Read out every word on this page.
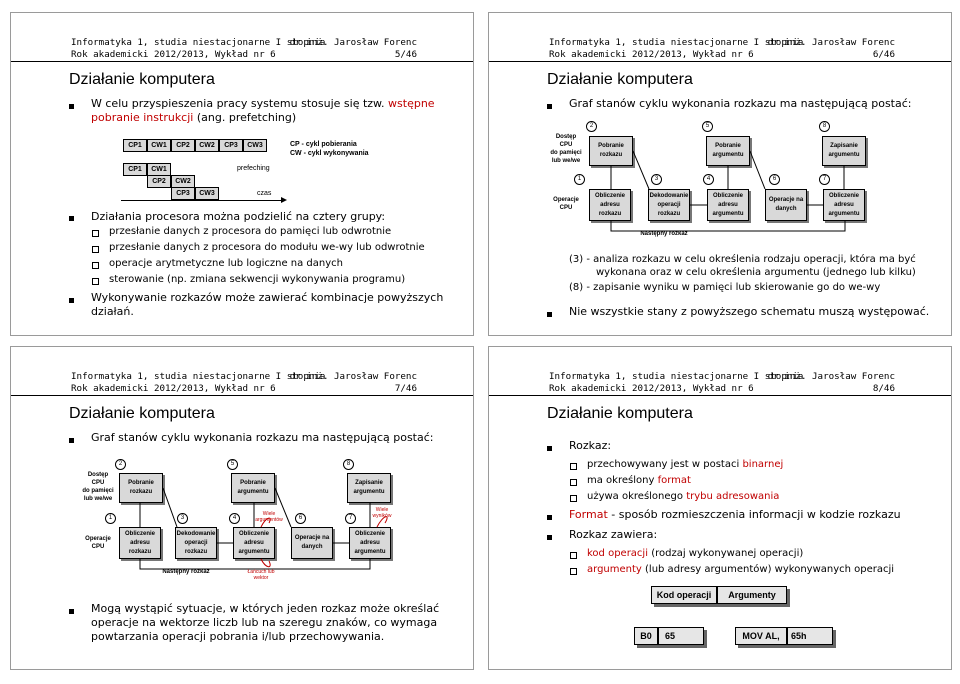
Informatyka 1, studia niestacjonarne I stopnia
Rok akademicki 2012/2013, Wykład nr 6
dr inż. Jarosław Forenc
5/46
Działanie komputera
W celu przyspieszenia pracy systemu stosuje się tzw. wstępne
pobranie instrukcji (ang. prefetching)
CP1	CW1	CP2	CW2	CP3	CW3
CP1	CW1
CP2	CW2
CP3	CW3
prefeching
czas
CP - cykl pobierania
CW - cykl wykonywania
Działania procesora można podzielić na cztery grupy:
przesłanie danych z procesora do pamięci lub odwrotnie
przesłanie danych z procesora do modułu we-wy lub odwrotnie
operacje arytmetyczne lub logiczne na danych
sterowanie (np. zmiana sekwencji wykonywania programu)
Wykonywanie rozkazów może zawierać kombinacje powyższych
działań.
Informatyka 1, studia niestacjonarne I stopnia
Rok akademicki 2012/2013, Wykład nr 6
dr inż. Jarosław Forenc
6/46
Działanie komputera
Graf stanów cyklu wykonania rozkazu ma następującą postać:
Dostęp
CPU
do pamięci
lub we/we
Operacje
CPU
Pobranie rozkazu
Pobranie argumentu
Zapisanie argumentu
Obliczenie adresu rozkazu
Dekodowanie operacji rozkazu
Obliczenie adresu argumentu
Operacje na danych
Obliczenie adresu argumentu
2	5	8
1	3	4	6	7
Następny rozkaz
(3) - analiza rozkazu w celu określenia rodzaju operacji, która ma być
wykonana oraz w celu określenia argumentu (jednego lub kilku)
(8) - zapisanie wyniku w pamięci lub skierowanie go do we-wy
Nie wszystkie stany z powyższego schematu muszą występować.
Informatyka 1, studia niestacjonarne I stopnia
Rok akademicki 2012/2013, Wykład nr 6
dr inż. Jarosław Forenc
7/46
Działanie komputera
Graf stanów cyklu wykonania rozkazu ma następującą postać:
Dostęp
CPU
do pamięci
lub we/we
Operacje
CPU
Pobranie rozkazu
Pobranie argumentu
Zapisanie argumentu
Obliczenie adresu rozkazu
Dekodowanie operacji rozkazu
Obliczenie adresu argumentu
Operacje na danych
Obliczenie adresu argumentu
2	5	8
1	3	4	6	7
Następny rozkaz
Wiele argumentów
Wiele wyników
Łańcuch lub wektor
Mogą wystąpić sytuacje, w których jeden rozkaz może określać
operacje na wektorze liczb lub na szeregu znaków, co wymaga
powtarzania operacji pobrania i/lub przechowywania.
Informatyka 1, studia niestacjonarne I stopnia
Rok akademicki 2012/2013, Wykład nr 6
dr inż. Jarosław Forenc
8/46
Działanie komputera
Rozkaz:
przechowywany jest w postaci binarnej
ma określony format
używa określonego trybu adresowania
Format - sposób rozmieszczenia informacji w kodzie rozkazu
Rozkaz zawiera:
kod operacji (rodzaj wykonywanej operacji)
argumenty (lub adresy argumentów) wykonywanych operacji
Kod operacji	Argumenty
B0	65	MOV AL,	65h
